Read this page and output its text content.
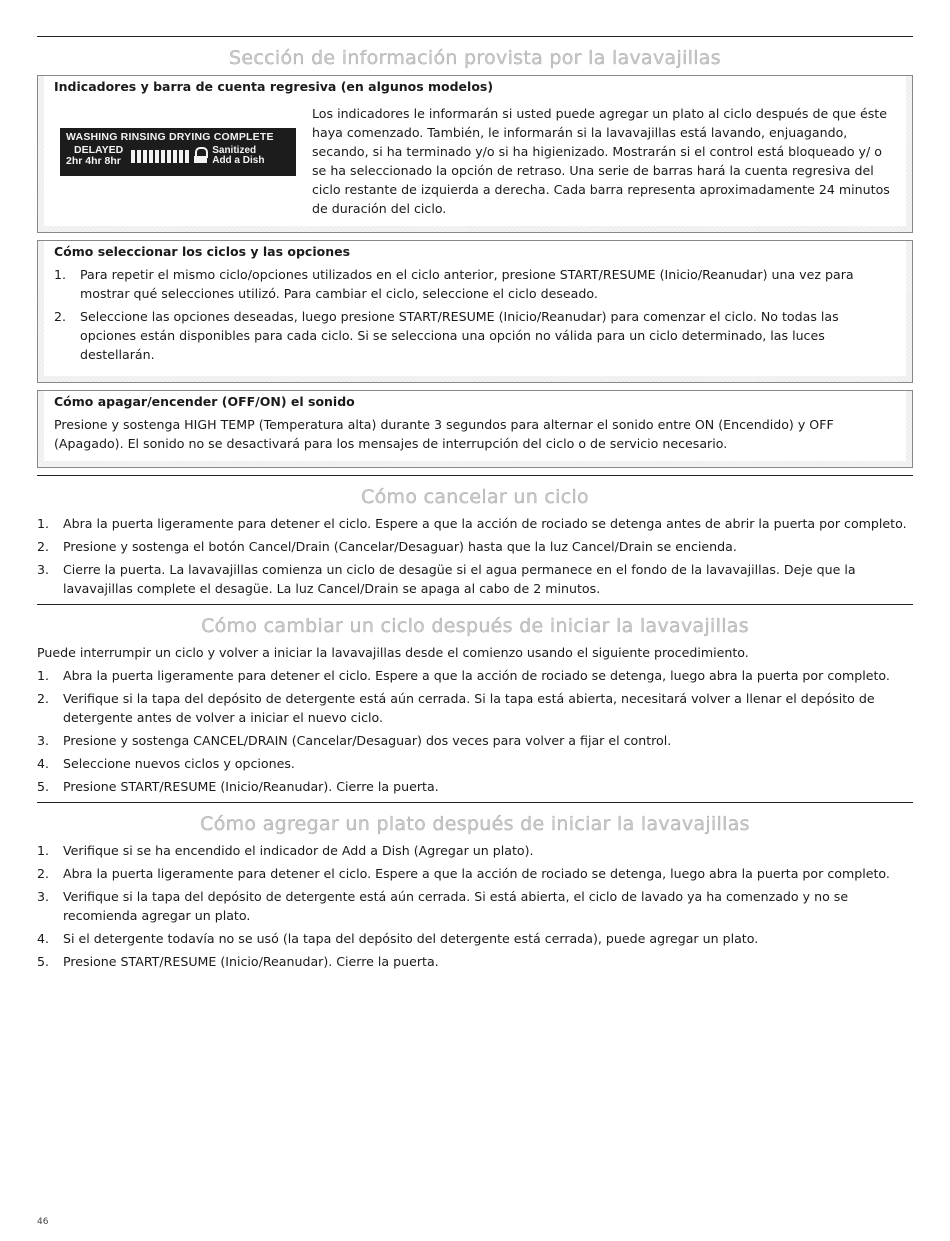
Sección de información provista por la lavavajillas
Indicadores y barra de cuenta regresiva (en algunos modelos)
WASHING RINSING DRYING COMPLETE
DELAYED
2hr 4hr 8hr
Sanitized
Add a Dish
Los indicadores le informarán si usted puede agregar un plato al ciclo después de que éste haya comenzado. También, le informarán si la lavavajillas está lavando, enjuagando, secando, si ha terminado y/o si ha higienizado. Mostrarán si el control está bloqueado y/ o se ha seleccionado la opción de retraso. Una serie de barras hará la cuenta regresiva del ciclo restante de izquierda a derecha. Cada barra representa aproximadamente 24 minutos de duración del ciclo.
Cómo seleccionar los ciclos y las opciones
1.	Para repetir el mismo ciclo/opciones utilizados en el ciclo anterior, presione START/RESUME (Inicio/Reanudar) una vez para mostrar qué selecciones utilizó. Para cambiar el ciclo, seleccione el ciclo deseado.
2.	Seleccione las opciones deseadas, luego presione START/RESUME (Inicio/Reanudar) para comenzar el ciclo. No todas las opciones están disponibles para cada ciclo. Si se selecciona una opción no válida para un ciclo determinado, las luces destellarán.
Cómo apagar/encender (OFF/ON) el sonido
Presione y sostenga HIGH TEMP (Temperatura alta) durante 3 segundos para alternar el sonido entre ON (Encendido) y OFF (Apagado). El sonido no se desactivará para los mensajes de interrupción del ciclo o de servicio necesario.
Cómo cancelar un ciclo
1.	Abra la puerta ligeramente para detener el ciclo. Espere a que la acción de rociado se detenga antes de abrir la puerta por completo.
2.	Presione y sostenga el botón Cancel/Drain (Cancelar/Desaguar) hasta que la luz Cancel/Drain se encienda.
3.	Cierre la puerta. La lavavajillas comienza un ciclo de desagüe si el agua permanece en el fondo de la lavavajillas. Deje que la lavavajillas complete el desagüe. La luz Cancel/Drain se apaga al cabo de 2 minutos.
Cómo cambiar un ciclo después de iniciar la lavavajillas
Puede interrumpir un ciclo y volver a iniciar la lavavajillas desde el comienzo usando el siguiente procedimiento.
1.	Abra la puerta ligeramente para detener el ciclo. Espere a que la acción de rociado se detenga, luego abra la puerta por completo.
2.	Verifique si la tapa del depósito de detergente está aún cerrada. Si la tapa está abierta, necesitará volver a llenar el depósito de detergente antes de volver a iniciar el nuevo ciclo.
3.	Presione y sostenga CANCEL/DRAIN (Cancelar/Desaguar) dos veces para volver a fijar el control.
4.	Seleccione nuevos ciclos y opciones.
5.	Presione START/RESUME (Inicio/Reanudar). Cierre la puerta.
Cómo agregar un plato después de iniciar la lavavajillas
1.	Verifique si se ha encendido el indicador de Add a Dish (Agregar un plato).
2.	Abra la puerta ligeramente para detener el ciclo. Espere a que la acción de rociado se detenga, luego abra la puerta por completo.
3.	Verifique si la tapa del depósito de detergente está aún cerrada. Si está abierta, el ciclo de lavado ya ha comenzado y no se recomienda agregar un plato.
4.	Si el detergente todavía no se usó (la tapa del depósito del detergente está cerrada), puede agregar un plato.
5.	Presione START/RESUME (Inicio/Reanudar). Cierre la puerta.
46
